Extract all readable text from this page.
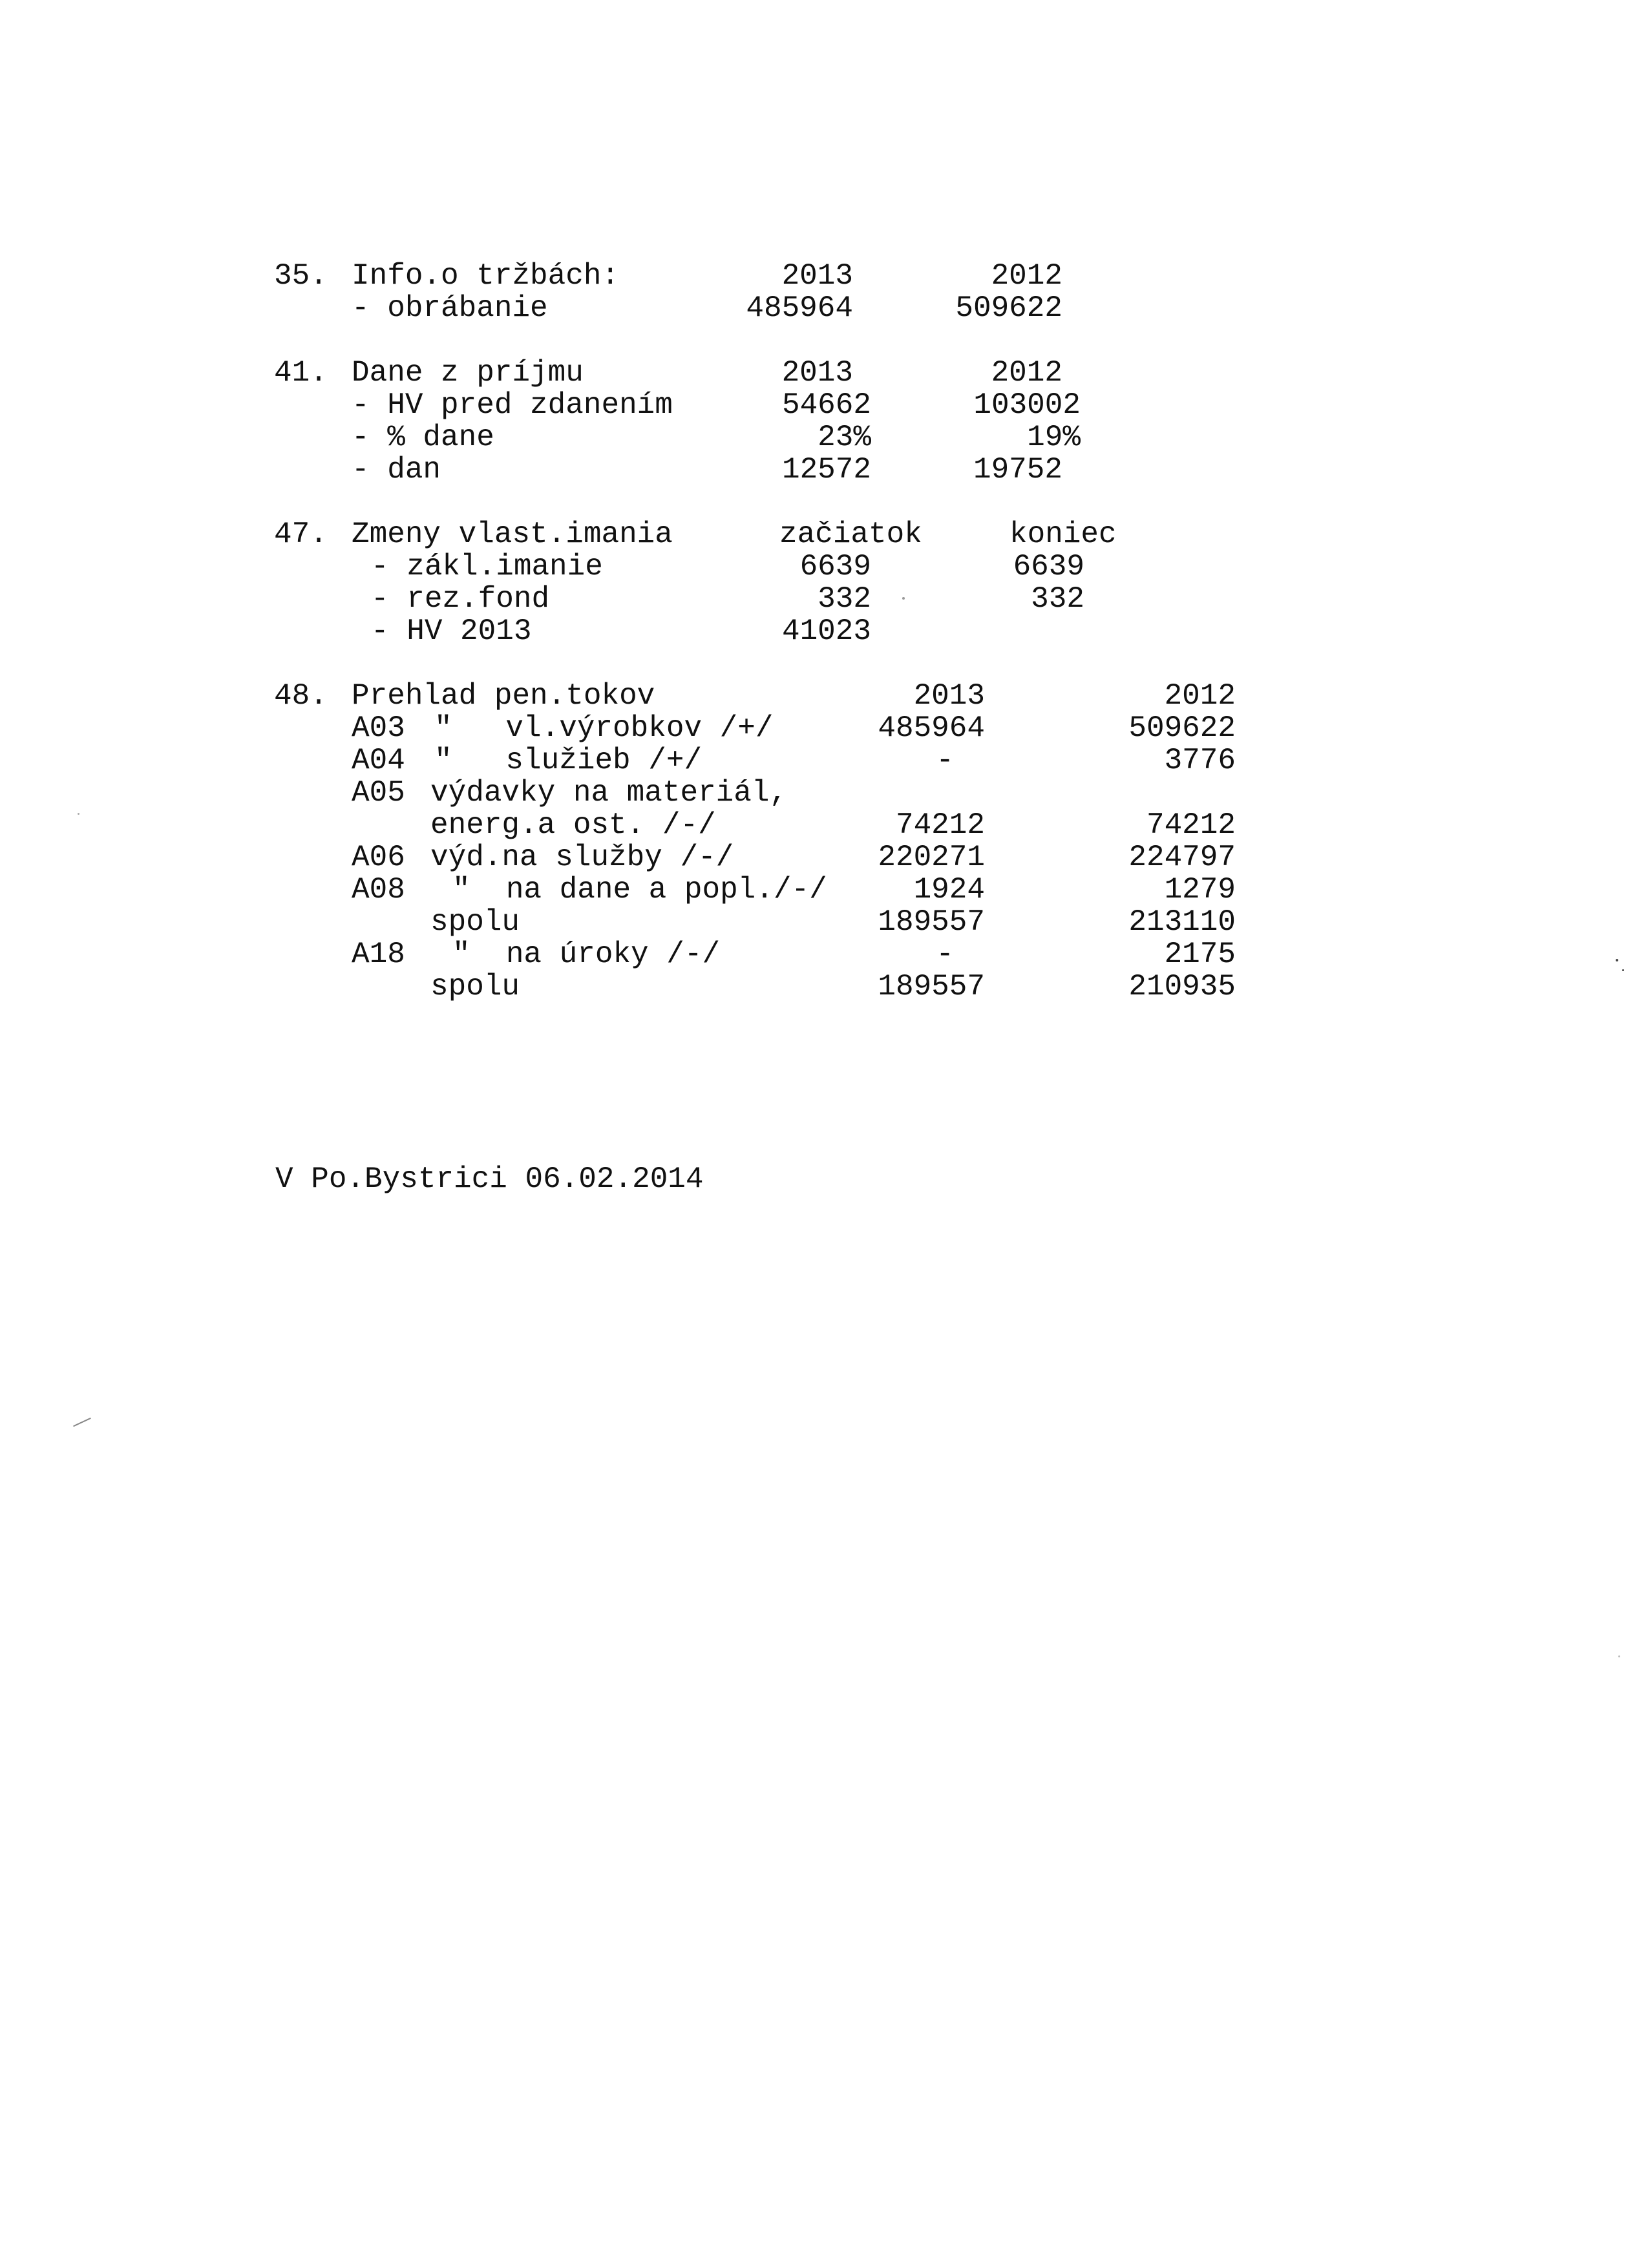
35. Info.o tržbách:	2013	2012
- obrábanie	485964	509622
41. Dane z príjmu	2013	2012
- HV pred zdanením	54662	103002
- % dane	23%	19%
- dan	12572	19752
47. Zmeny vlast.imania	začiatok	koniec
- zákl.imanie	6639	6639
- rez.fond	332	332
- HV 2013	41023
48. Prehlad pen.tokov	2013	2012
A03 "   vl.výrobkov /+/	485964	509622
A04 "   služieb /+/	-	3776
A05 výdavky na materiál,
energ.a ost. /-/	74212	74212
A06 výd.na služby /-/	220271	224797
A08 "  na dane a popl./-/	1924	1279
spolu	189557	213110
A18 "  na úroky /-/	-	2175
spolu	189557	210935
V Po.Bystrici 06.02.2014
